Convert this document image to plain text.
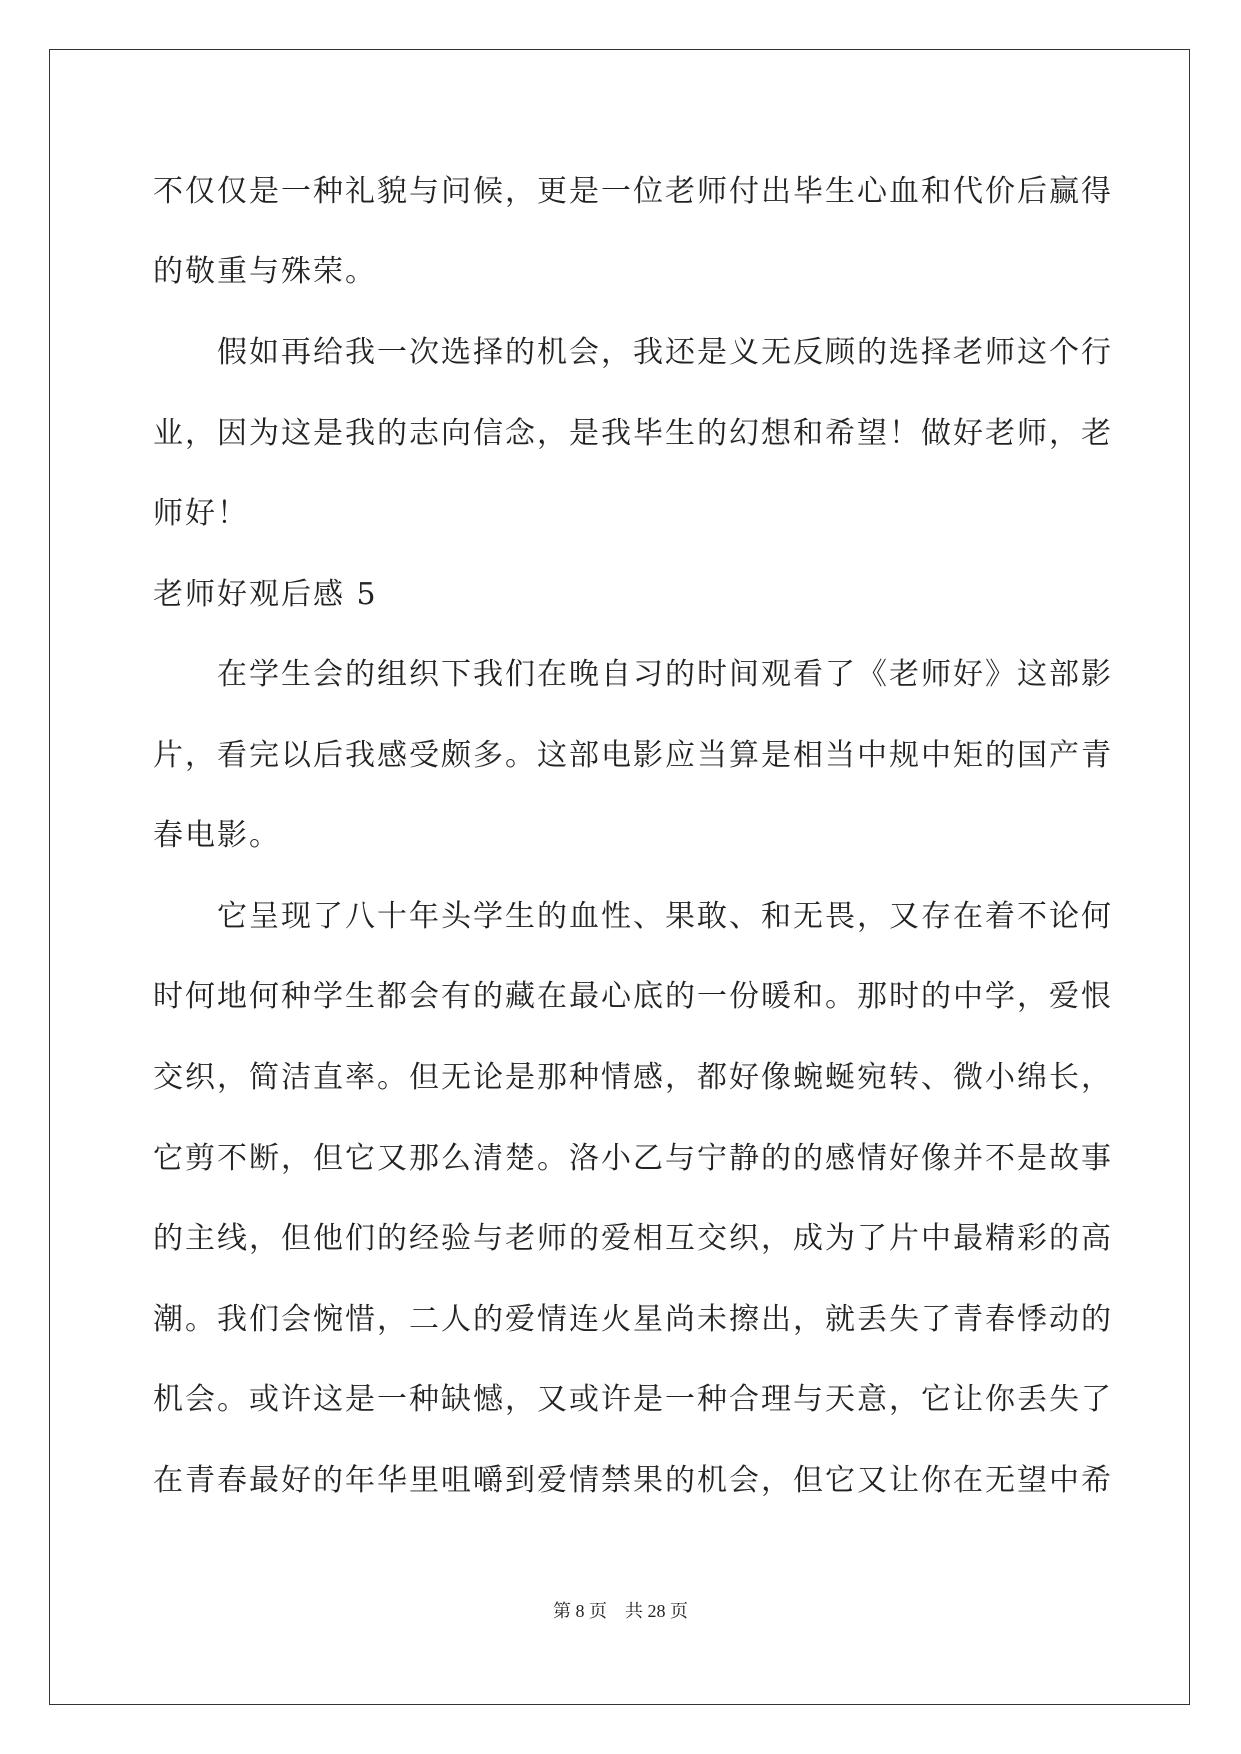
不仅仅是一种礼貌与问候，更是一位老师付出毕生心血和代价后赢得
的敬重与殊荣。
　　假如再给我一次选择的机会，我还是义无反顾的选择老师这个行
业，因为这是我的志向信念，是我毕生的幻想和希望！做好老师，老
师好！
老师好观后感 5
　　在学生会的组织下我们在晚自习的时间观看了《老师好》这部影
片，看完以后我感受颇多。这部电影应当算是相当中规中矩的国产青
春电影。
　　它呈现了八十年头学生的血性、果敢、和无畏，又存在着不论何
时何地何种学生都会有的藏在最心底的一份暖和。那时的中学，爱恨
交织，简洁直率。但无论是那种情感，都好像蜿蜒宛转、微小绵长，
它剪不断，但它又那么清楚。洛小乙与宁静的的感情好像并不是故事
的主线，但他们的经验与老师的爱相互交织，成为了片中最精彩的高
潮。我们会惋惜，二人的爱情连火星尚未擦出，就丢失了青春悸动的
机会。或许这是一种缺憾，又或许是一种合理与天意，它让你丢失了
在青春最好的年华里咀嚼到爱情禁果的机会，但它又让你在无望中希
第 8 页 共 28 页
